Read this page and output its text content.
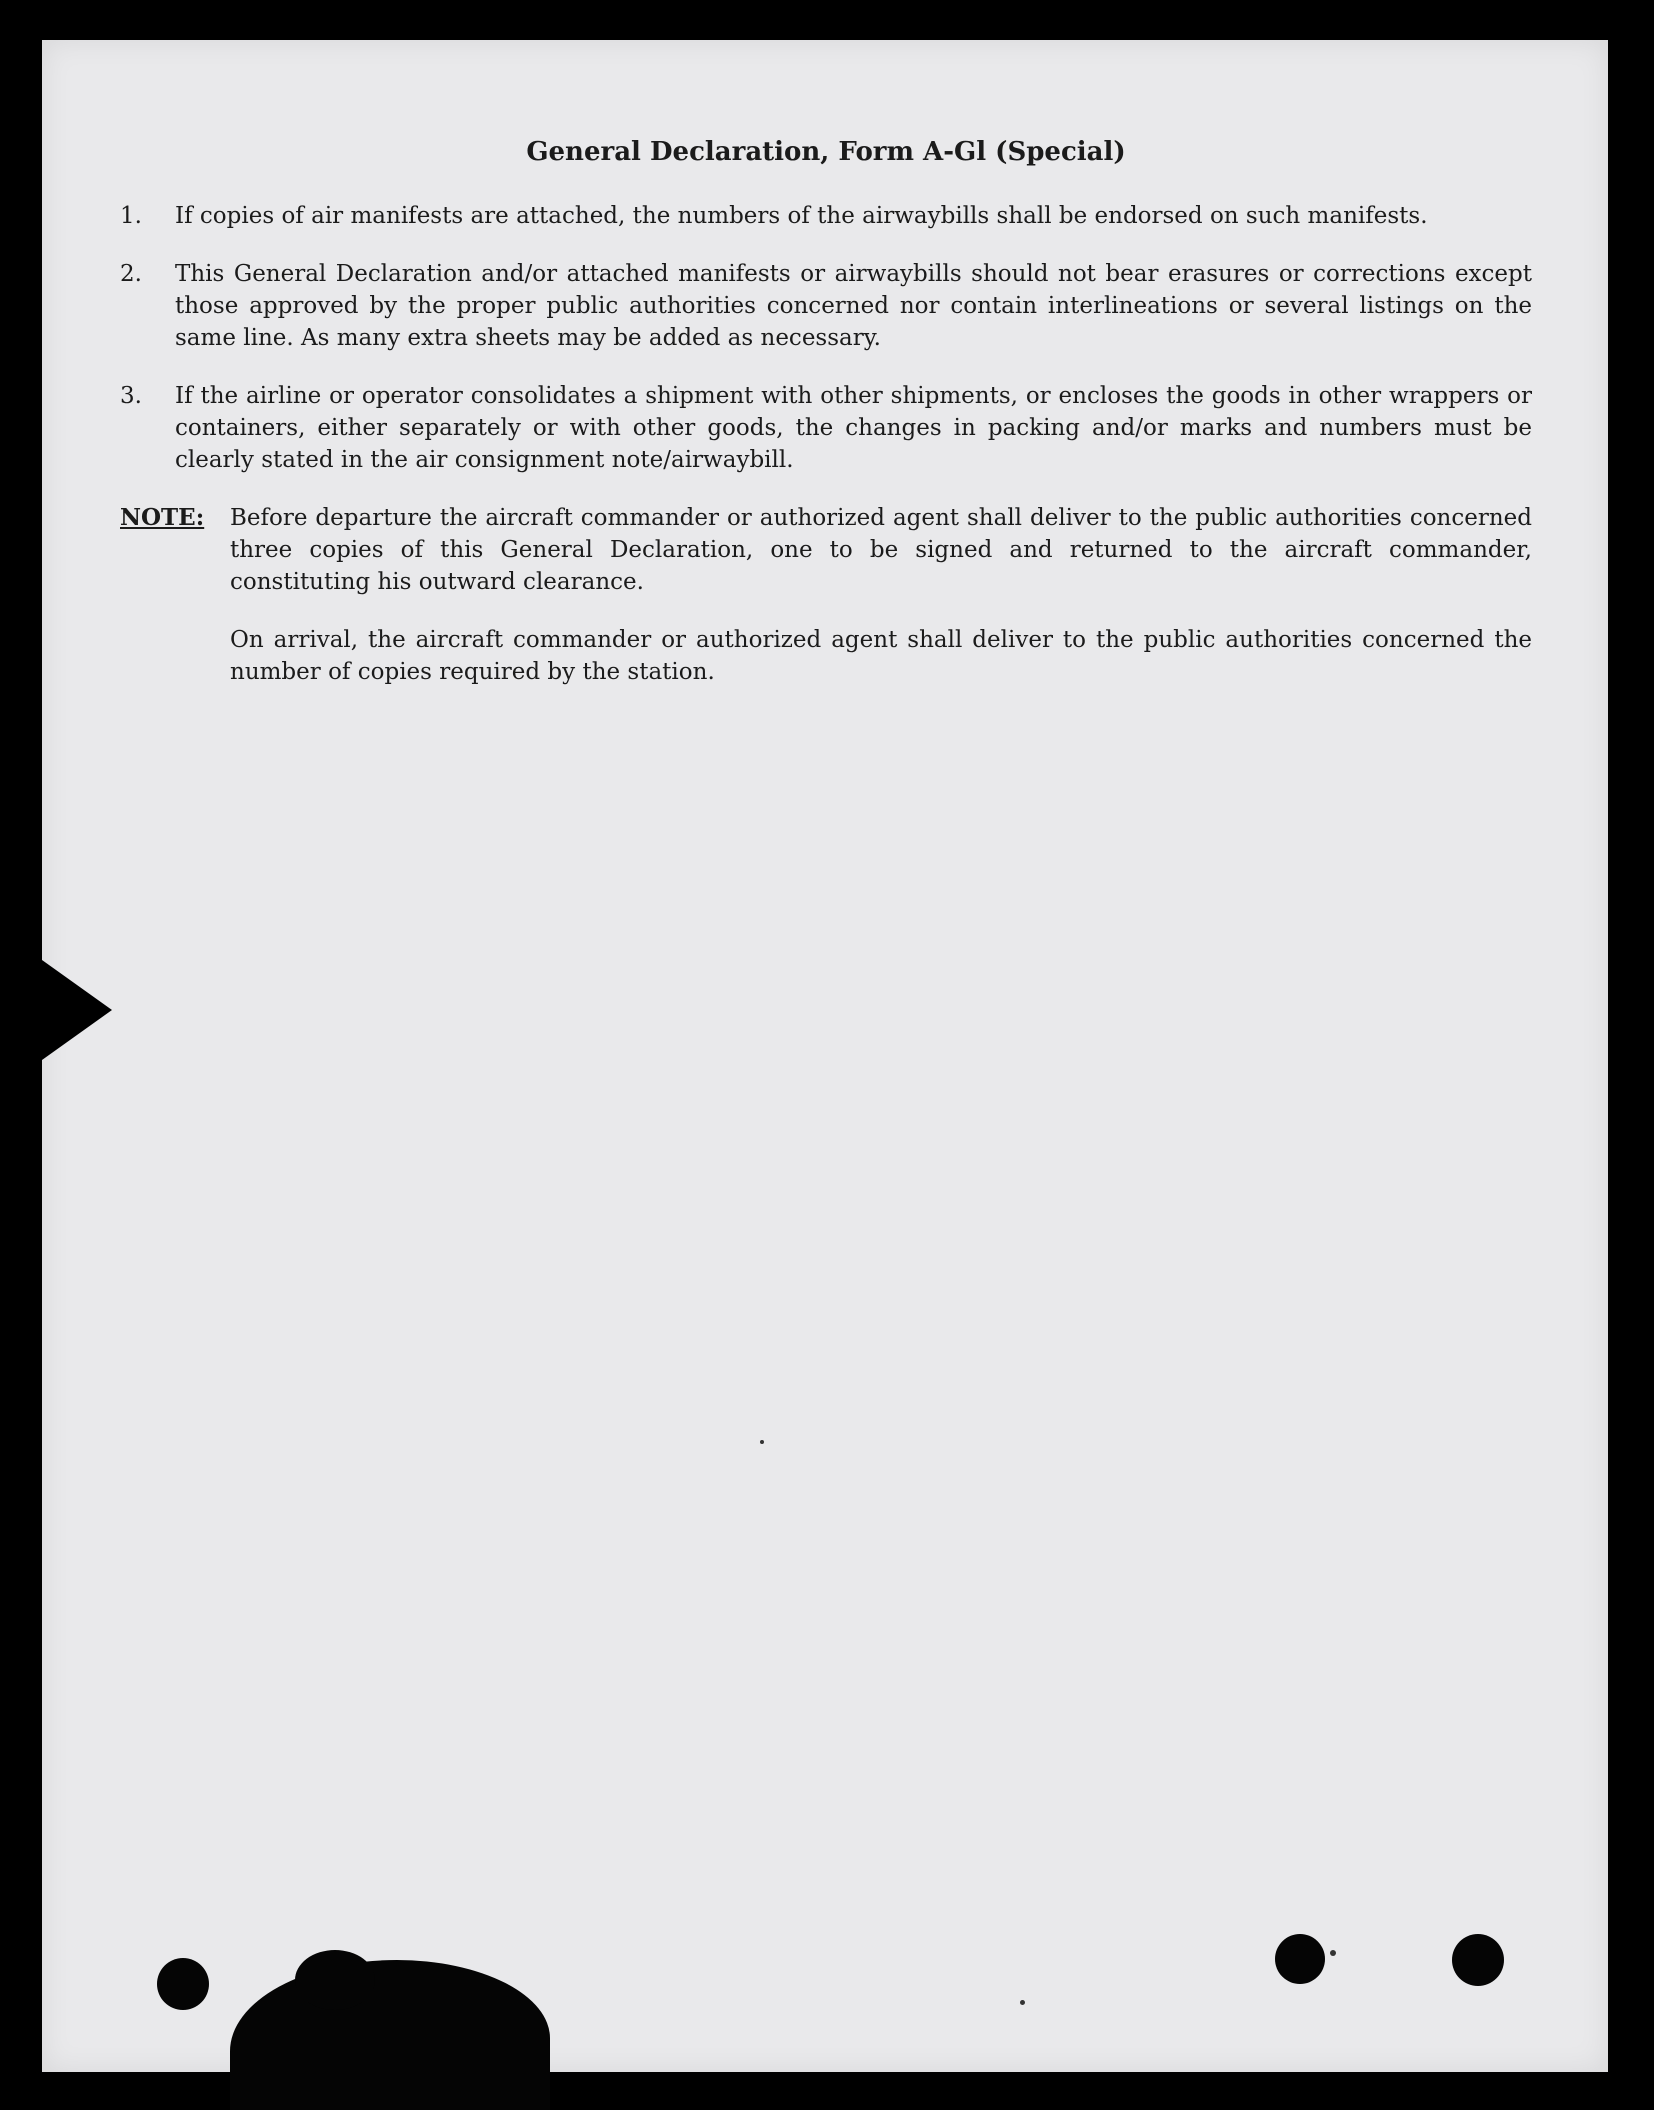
General Declaration, Form A-Gl (Special)
1.	If copies of air manifests are attached, the numbers of the airwaybills shall be endorsed on such manifests.
2.	This General Declaration and/or attached manifests or airwaybills should not bear erasures or corrections except those approved by the proper public authorities concerned nor contain interlineations or several listings on the same line. As many extra sheets may be added as necessary.
3.	If the airline or operator consolidates a shipment with other shipments, or encloses the goods in other wrappers or containers, either separately or with other goods, the changes in packing and/or marks and numbers must be clearly stated in the air consignment note/airwaybill.
NOTE:	Before departure the aircraft commander or authorized agent shall deliver to the public authorities concerned three copies of this General Declaration, one to be signed and returned to the aircraft commander, constituting his outward clearance.

On arrival, the aircraft commander or authorized agent shall deliver to the public authorities concerned the number of copies required by the station.
